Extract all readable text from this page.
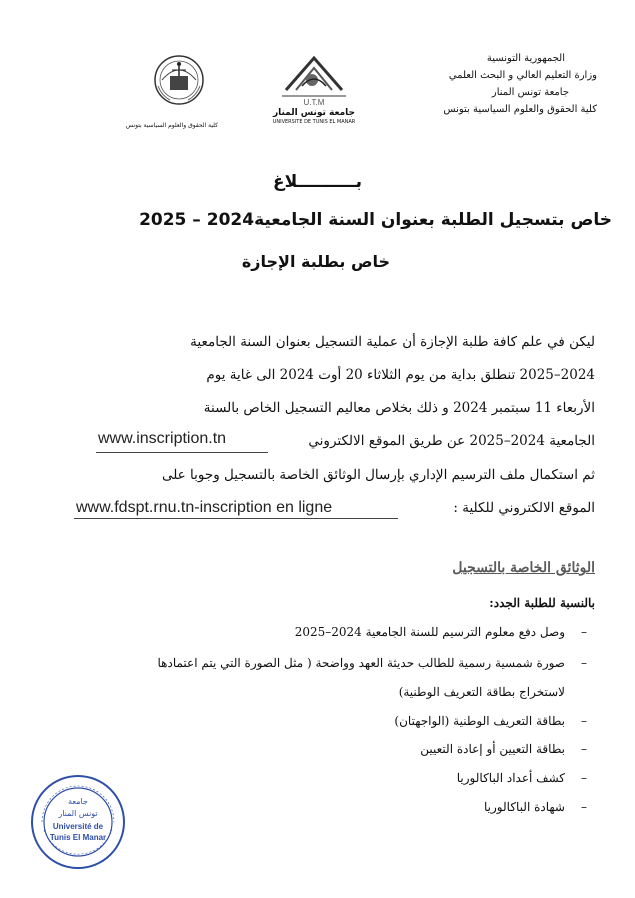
الجمهورية التونسية
وزارة التعليم العالي و البحث العلمي
جامعة تونس المنار
كلية الحقوق والعلوم السياسية بتونس
كلية الحقوق والعلوم السياسية بتونس
U.T.M
جامعة تونس المنار
UNIVERSITE DE TUNIS EL MANAR
بــــــــــلاغ
خاص بتسجيل الطلبة بعنوان السنة الجامعية2024 – 2025
خاص بطلبة الإجازة
ليكن في علم كافة طلبة الإجازة أن عملية التسجيل بعنوان السنة الجامعية
2024–2025 تنطلق بداية من يوم الثلاثاء 20 أوت 2024 الى غاية يوم
الأربعاء 11 سبتمبر 2024 و ذلك بخلاص معاليم التسجيل الخاص بالسنة
الجامعية 2024–2025 عن طريق الموقع الالكتروني
www.inscription.tn
ثم استكمال ملف الترسيم الإداري بإرسال الوثائق الخاصة بالتسجيل وجوبا على
الموقع الالكتروني للكلية :
www.fdspt.rnu.tn-inscription en ligne
الوثائق الخاصة بالتسجيل
بالنسبة للطلبة الجدد:
–وصل دفع معلوم الترسيم للسنة الجامعية 2024–2025
–صورة شمسية رسمية للطالب حديثة العهد وواضحة ( مثل الصورة التي يتم اعتمادها
لاستخراج بطاقة التعريف الوطنية)
–بطاقة التعريف الوطنية (الواجهتان)
–بطاقة التعيين أو إعادة التعيين
–كشف أعداد الباكالوريا
–شهادة الباكالوريا
جامعة
تونس المنار
Université de
Tunis El Manar
